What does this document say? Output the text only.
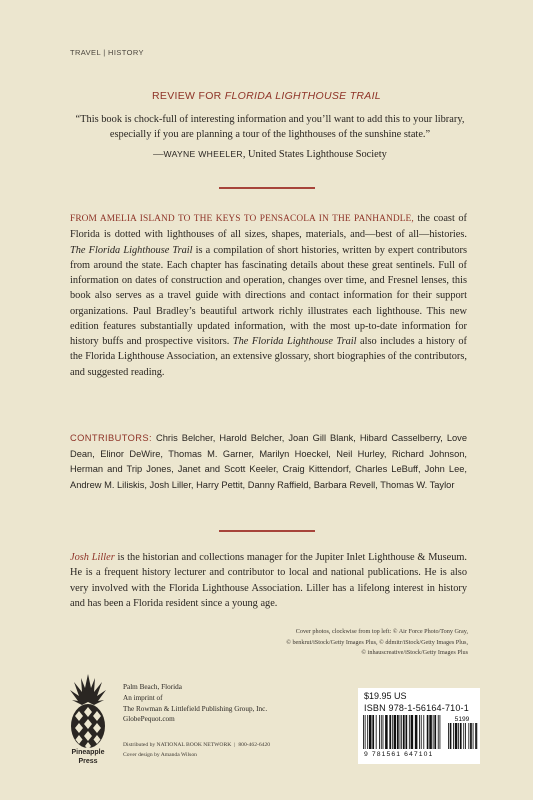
TRAVEL | HISTORY
REVIEW FOR FLORIDA LIGHTHOUSE TRAIL
“This book is chock-full of interesting information and you’ll want to add this to your library, especially if you are planning a tour of the lighthouses of the sunshine state.”
—WAYNE WHEELER, United States Lighthouse Society
FROM AMELIA ISLAND TO THE KEYS TO PENSACOLA IN THE PANHANDLE, the coast of Florida is dotted with lighthouses of all sizes, shapes, materials, and—best of all—histories. The Florida Lighthouse Trail is a compilation of short histories, written by expert contributors from around the state. Each chapter has fascinating details about these great sentinels. Full of information on dates of construction and operation, changes over time, and Fresnel lenses, this book also serves as a travel guide with directions and contact information for their support organizations. Paul Bradley’s beautiful artwork richly illustrates each lighthouse. This new edition features substantially updated information, with the most up-to-date information for history buffs and prospective visitors. The Florida Lighthouse Trail also includes a history of the Florida Lighthouse Association, an extensive glossary, short biographies of the contributors, and suggested reading.
CONTRIBUTORS: Chris Belcher, Harold Belcher, Joan Gill Blank, Hibard Casselberry, Love Dean, Elinor DeWire, Thomas M. Garner, Marilyn Hoeckel, Neil Hurley, Richard Johnson, Herman and Trip Jones, Janet and Scott Keeler, Craig Kittendorf, Charles LeBuff, John Lee, Andrew M. Liliskis, Josh Liller, Harry Pettit, Danny Raffield, Barbara Revell, Thomas W. Taylor
Josh Liller is the historian and collections manager for the Jupiter Inlet Lighthouse & Museum. He is a frequent history lecturer and contributor to local and national publications. He is also very involved with the Florida Lighthouse Association. Liller has a lifelong interest in history and has been a Florida resident since a young age.
Cover photos, clockwise from top left: © Air Force Photo/Tony Gray,
© benkrut/iStock/Getty Images Plus, © ddmitr/iStock/Getty Images Plus,
© inhauscreative/iStock/Getty Images Plus
Pineapple
Press
Palm Beach, Florida
An imprint of
The Rowman & Littlefield Publishing Group, Inc.
GlobePequot.com
Distributed by NATIONAL BOOK NETWORK | 800-462-6420
Cover design by Amanda Wilson
$19.95 US
ISBN 978-1-56164-710-1
5199
9 781561 647101
